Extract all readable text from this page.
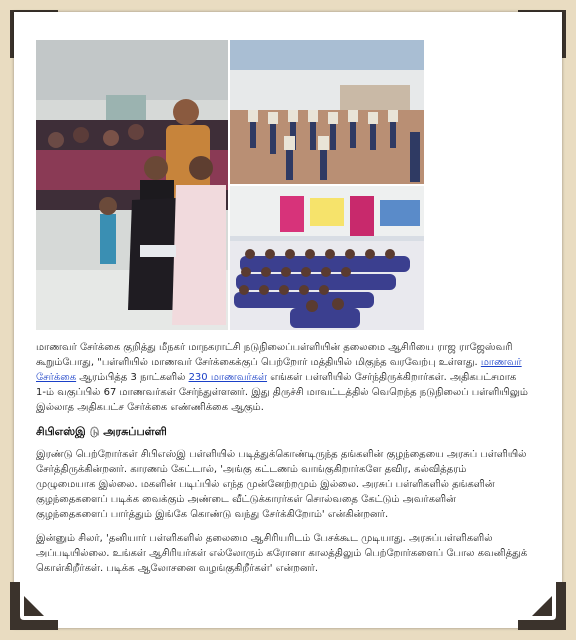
மாணவர் சேர்க்கை குறித்து மீநகர் மாநகராட்சி நடுநிலைப்பள்ளியின் தலைமை ஆசிரியை ராஜ ராஜேஸ்வரி கூறும்போது, "பள்ளியில் மாணவர் சேர்க்கைக்குப் பெற்றோர் மத்தியில் மிகுந்த வரவேற்பு உள்ளது. மாணவர் சேர்க்கை ஆரம்பித்த 3 நாட்களில் 230 மாணவர்கள் எங்கள் பள்ளியில் சேர்ந்திருக்கிறார்கள். அதிகபட்சமாக 1-ம் வகுப்பில் 67 மாணவர்கள் சேர்ந்துள்ளனர். இது திருச்சி மாவட்டத்தில் வெறெந்த நடுநிலைப் பள்ளியிலும் இல்லாத அதிகபட்ச சேர்க்கை எண்ணிக்கை ஆகும்.

சிபிஎஸ்இ டு அரசுப்பள்ளி

இரண்டு பெற்றோர்கள் சிபிஎஸ்இ பள்ளியில் படித்துக்கொண்டிருந்த தங்களின் குழந்தையை அரசுப் பள்ளியில் சேர்த்திருக்கின்றனர். காரணம் கேட்டால், 'அங்கு கட்டணம் வாங்குகிறார்களே தவிர, கல்வித்தரம் முழுமையாக இல்லை. மகளின் படிப்பில் எந்த முன்னேற்றமும் இல்லை. அரசுப் பள்ளிகளில் தங்களின் குழந்தைகளைப் படிக்க வைக்கும் அண்டை வீட்டுக்காரர்கள் சொல்வதை கேட்டும் அவர்களின் குழந்தைகளைப் பார்த்தும் இங்கே கொண்டு வந்து சேர்க்கிறோம்' என்கின்றனர்.

இன்னும் சிலர், 'தனியார் பள்ளிகளில் தலைமை ஆசிரியரிடம் பேசக்கூட முடியாது. அரசுப்பள்ளிகளில் அப்படியில்லை. உங்கள் ஆசிரியர்கள் எல்லோரும் கரோனா காலத்திலும் பெற்றோர்களைப் போல கவனித்துக் கொள்கிறீர்கள். படிக்க ஆலோசனை வழங்குகிறீர்கள்' என்றனர்.
